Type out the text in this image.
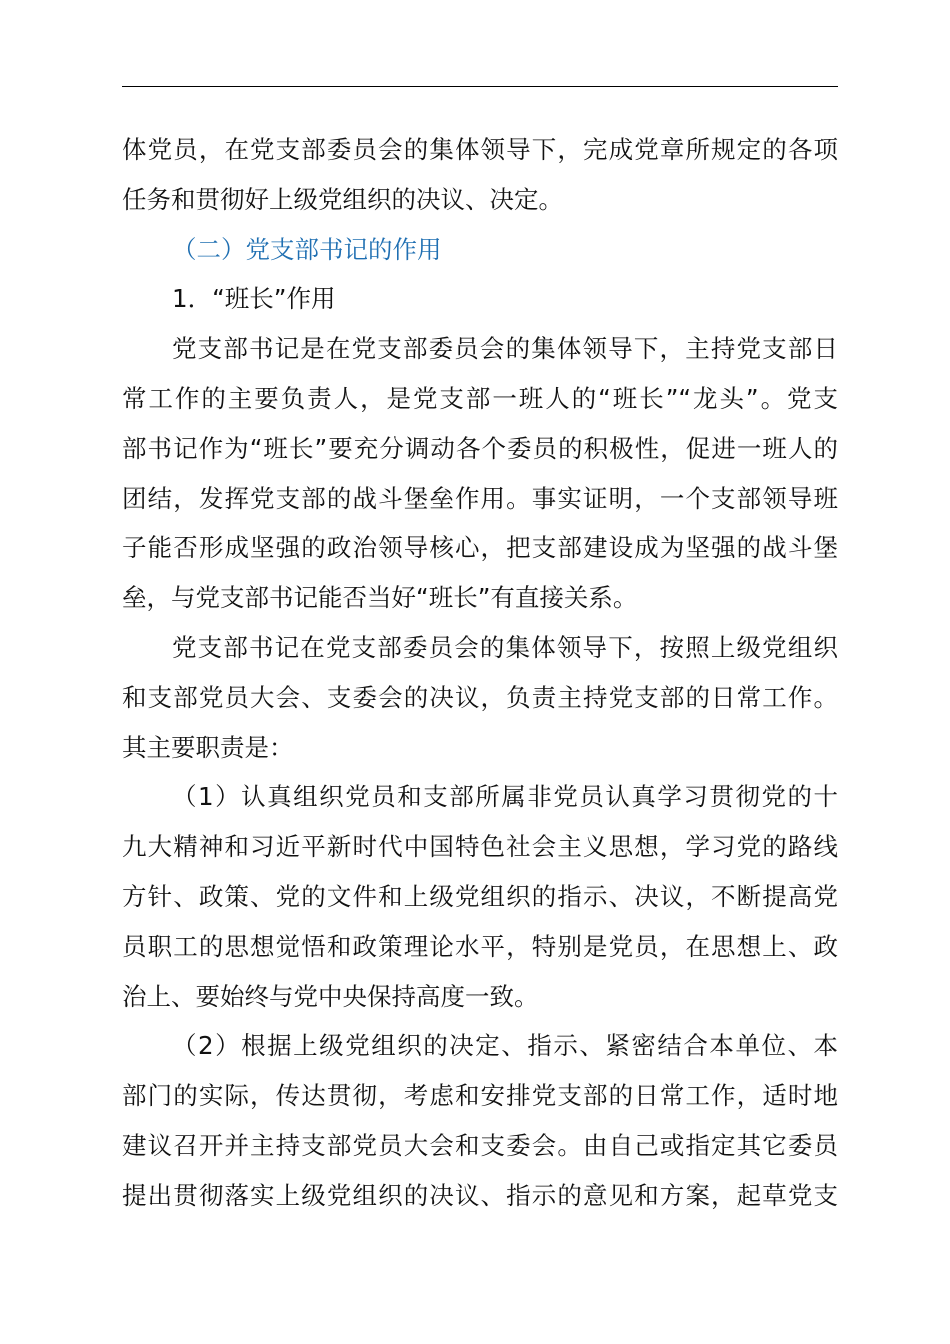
体党员，在党支部委员会的集体领导下，完成党章所规定的各项
任务和贯彻好上级党组织的决议、决定。
（二）党支部书记的作用
1．“班长”作用
党支部书记是在党支部委员会的集体领导下，主持党支部日
常工作的主要负责人，是党支部一班人的“班长”“龙头”。党支
部书记作为“班长”要充分调动各个委员的积极性，促进一班人的
团结，发挥党支部的战斗堡垒作用。事实证明，一个支部领导班
子能否形成坚强的政治领导核心，把支部建设成为坚强的战斗堡
垒，与党支部书记能否当好“班长”有直接关系。
党支部书记在党支部委员会的集体领导下，按照上级党组织
和支部党员大会、支委会的决议，负责主持党支部的日常工作。
其主要职责是：
（1）认真组织党员和支部所属非党员认真学习贯彻党的十
九大精神和习近平新时代中国特色社会主义思想，学习党的路线
方针、政策、党的文件和上级党组织的指示、决议，不断提高党
员职工的思想觉悟和政策理论水平，特别是党员，在思想上、政
治上、要始终与党中央保持高度一致。
（2）根据上级党组织的决定、指示、紧密结合本单位、本
部门的实际，传达贯彻，考虑和安排党支部的日常工作，适时地
建议召开并主持支部党员大会和支委会。由自己或指定其它委员
提出贯彻落实上级党组织的决议、指示的意见和方案，起草党支
